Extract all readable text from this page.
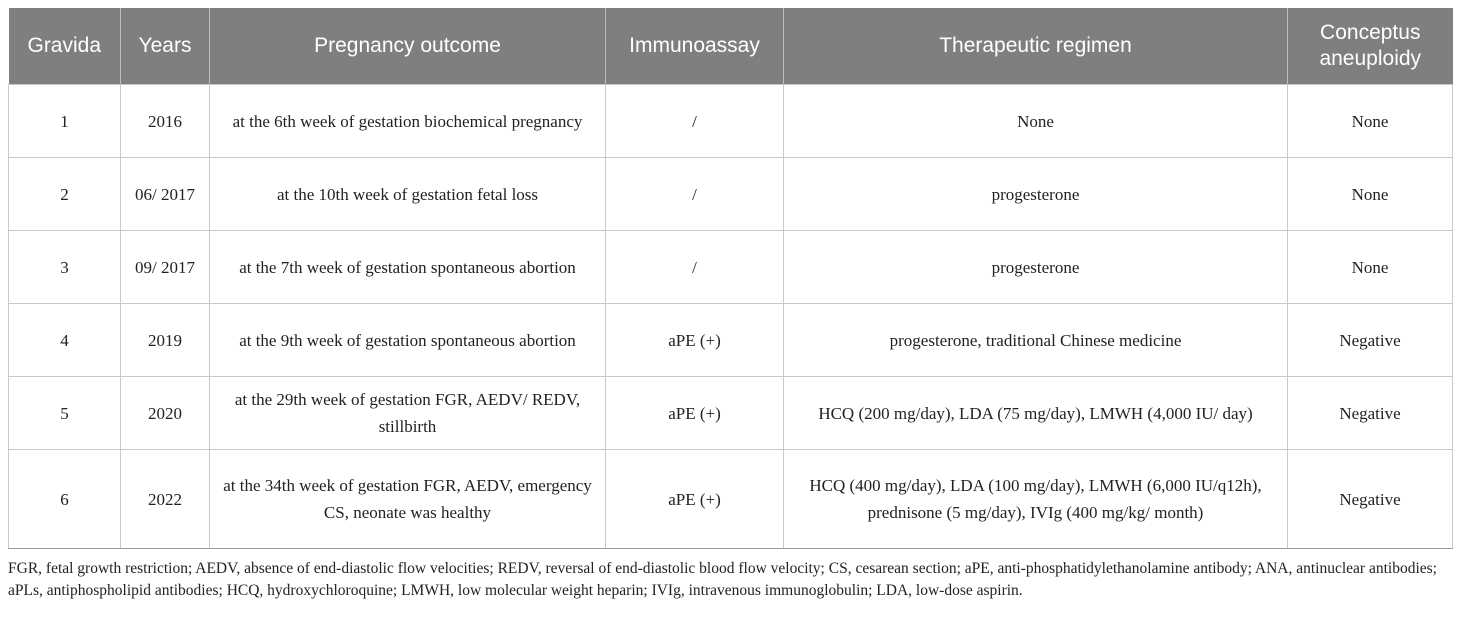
Gravida	Years	Pregnancy outcome	Immunoassay	Therapeutic regimen	Conceptus aneuploidy
1	2016	at the 6th week of gestation biochemical pregnancy	/	None	None
2	06/ 2017	at the 10th week of gestation fetal loss	/	progesterone	None
3	09/ 2017	at the 7th week of gestation spontaneous abortion	/	progesterone	None
4	2019	at the 9th week of gestation spontaneous abortion	aPE (+)	progesterone, traditional Chinese medicine	Negative
5	2020	at the 29th week of gestation FGR, AEDV/ REDV, stillbirth	aPE (+)	HCQ (200 mg/day), LDA (75 mg/day), LMWH (4,000 IU/ day)	Negative
6	2022	at the 34th week of gestation FGR, AEDV, emergency CS, neonate was healthy	aPE (+)	HCQ (400 mg/day), LDA (100 mg/day), LMWH (6,000 IU/q12h), prednisone (5 mg/day), IVIg (400 mg/kg/ month)	Negative
FGR, fetal growth restriction; AEDV, absence of end-diastolic flow velocities; REDV, reversal of end-diastolic blood flow velocity; CS, cesarean section; aPE, anti-phosphatidylethanolamine antibody; ANA, antinuclear antibodies; aPLs, antiphospholipid antibodies; HCQ, hydroxychloroquine; LMWH, low molecular weight heparin; IVIg, intravenous immunoglobulin; LDA, low-dose aspirin.
